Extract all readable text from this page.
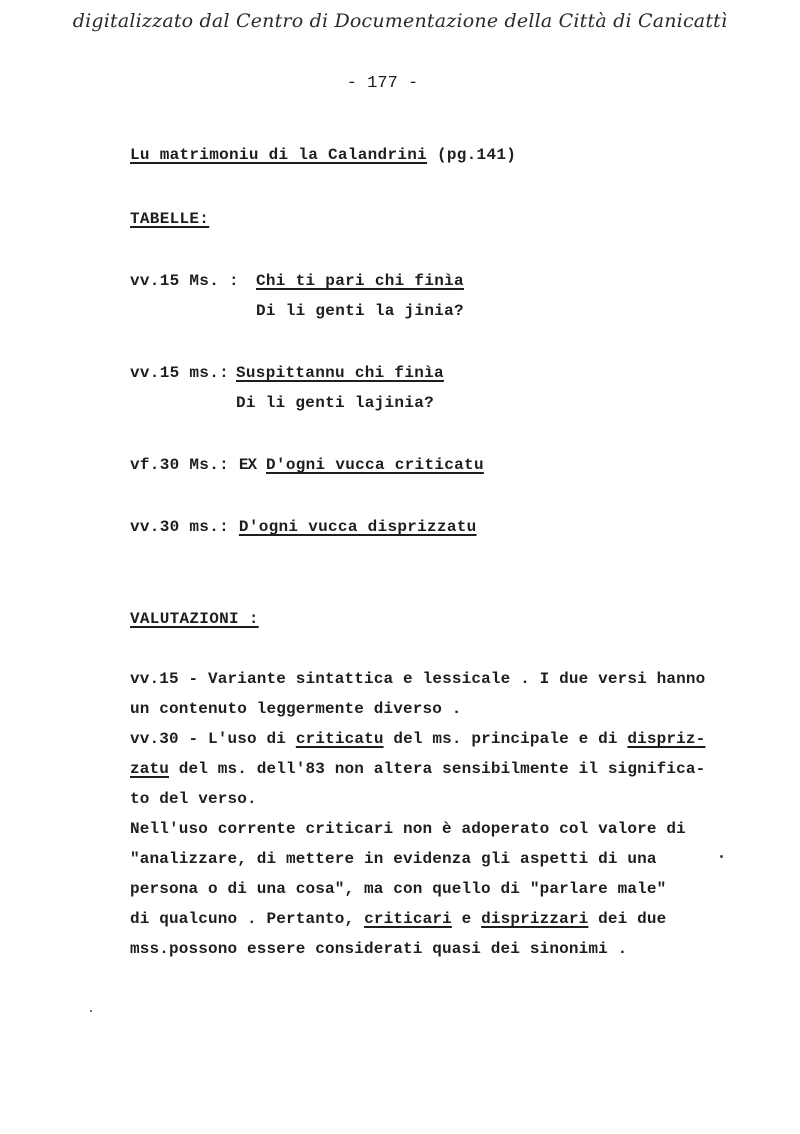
digitalizzato dal Centro di Documentazione della Città di Canicattì
- 177 -
Lu matrimoniu di la Calandrini (pg.141)
TABELLE:
vv.15 Ms. : Chi ti pari chi finìa
Di li genti la jinia?
vv.15 ms.: Suspittannu chi finìa
Di li genti lajinia?
vf.30 Ms.: EX D'ogni vucca criticatu
vv.30 ms.: D'ogni vucca disprizzatu
VALUTAZIONI :
vv.15 - Variante sintattica e lessicale . I due versi hanno
un contenuto leggermente diverso .
vv.30 - L'uso di criticatu del ms. principale e di dispriz-
zatu del ms. dell'83 non altera sensibilmente il significa-
to del verso.
Nell'uso corrente criticari non è adoperato col valore di
"analizzare, di mettere in evidenza gli aspetti di una
persona o di una cosa", ma con quello di "parlare male"
di qualcuno . Pertanto, criticari e disprizzari dei due
mss.possono essere considerati quasi dei sinonimi .
